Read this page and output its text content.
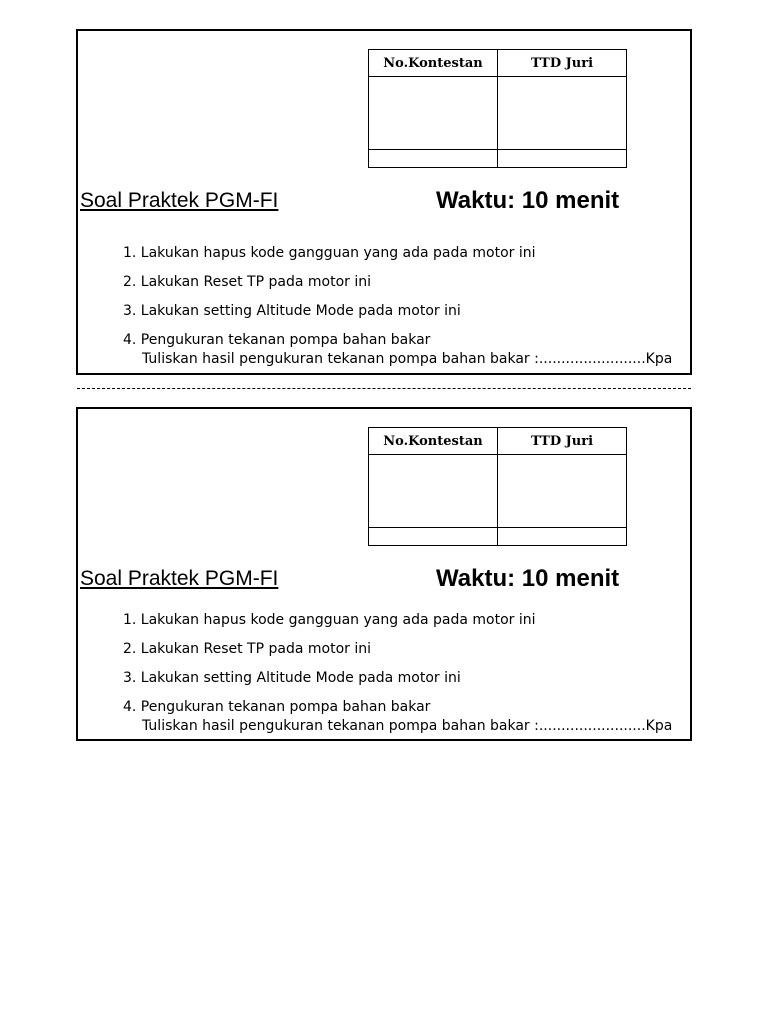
No.Kontestan	TTD Juri

Soal Praktek PGM-FI	Waktu: 10 menit
1. Lakukan hapus kode gangguan yang ada pada motor ini
2. Lakukan Reset TP pada motor ini
3. Lakukan setting Altitude Mode pada motor ini
4. Pengukuran tekanan pompa bahan bakar
Tuliskan hasil pengukuran tekanan pompa bahan bakar :........................Kpa
No.Kontestan	TTD Juri

Soal Praktek PGM-FI	Waktu: 10 menit
1. Lakukan hapus kode gangguan yang ada pada motor ini
2. Lakukan Reset TP pada motor ini
3. Lakukan setting Altitude Mode pada motor ini
4. Pengukuran tekanan pompa bahan bakar
Tuliskan hasil pengukuran tekanan pompa bahan bakar :........................Kpa
